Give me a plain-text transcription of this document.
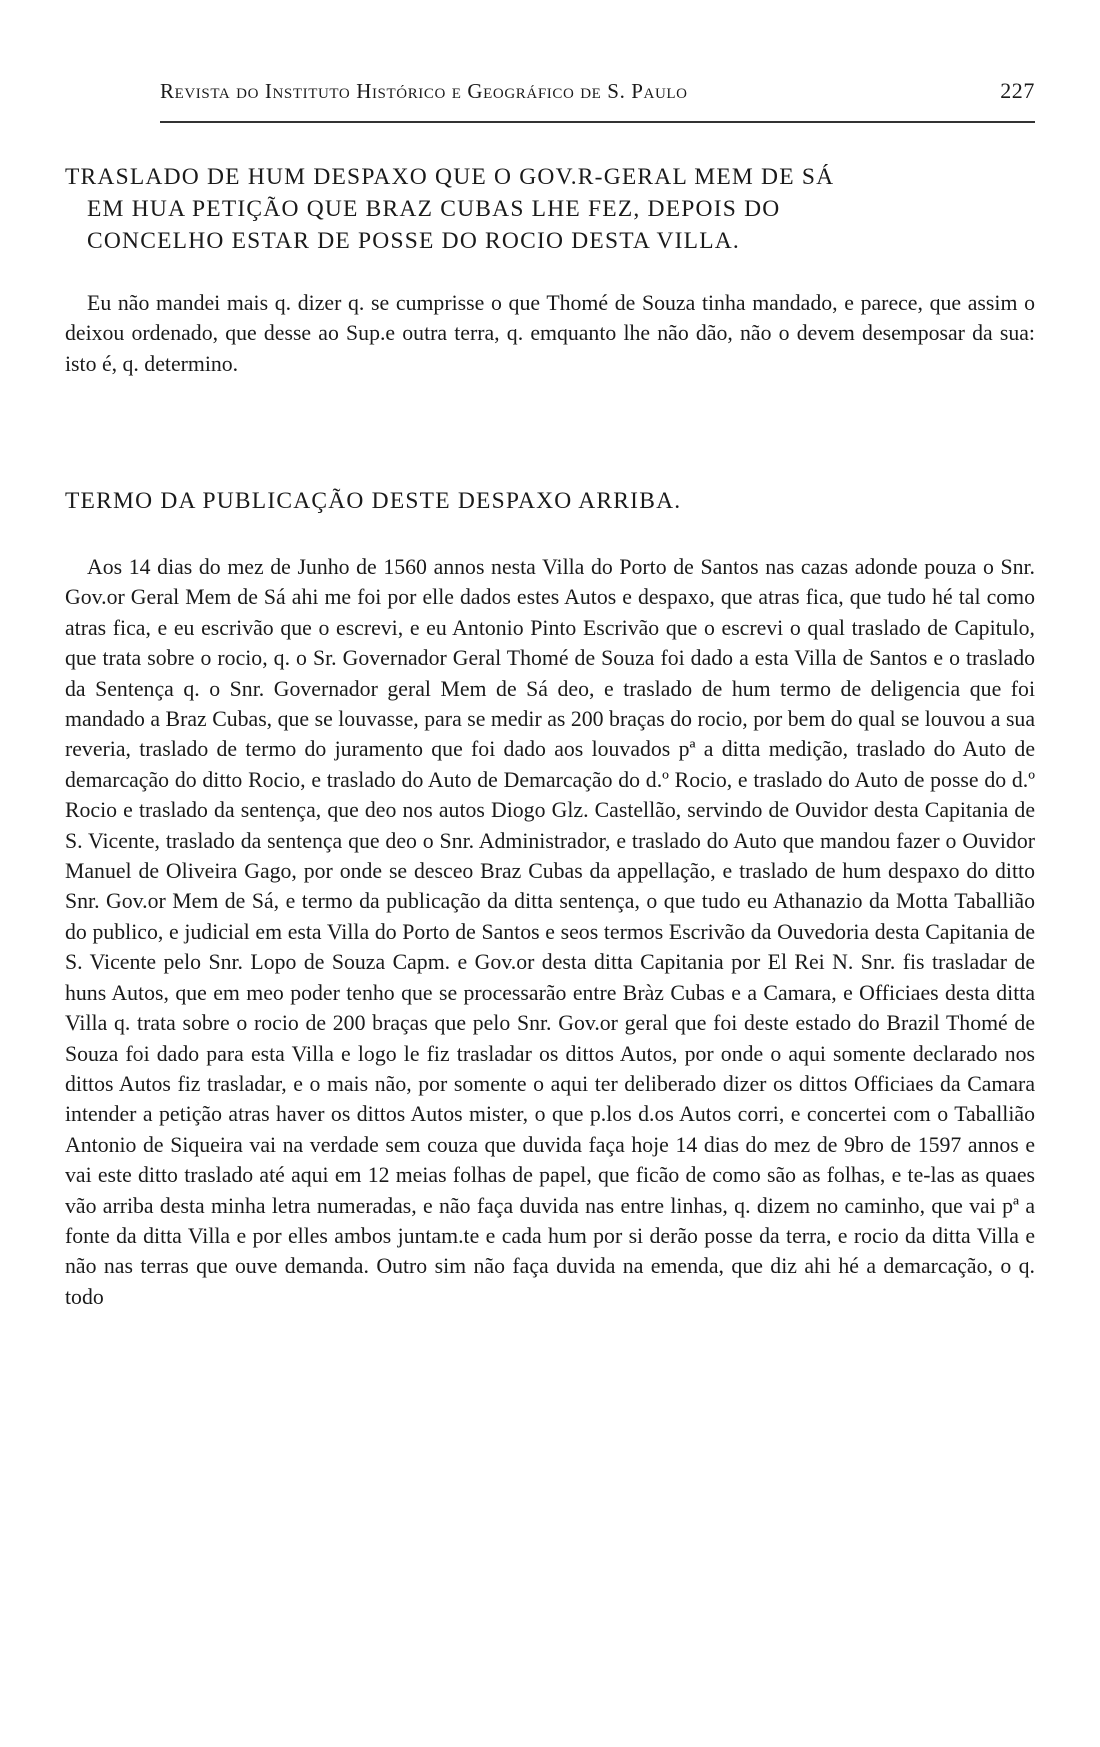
Revista do Instituto Histórico e Geográfico de S. Paulo	227
TRASLADO DE HUM DESPAXO QUE O GOV.R-GERAL MEM DE SÁ
EM HUA PETIÇÃO QUE BRAZ CUBAS LHE FEZ, DEPOIS DO
CONCELHO ESTAR DE POSSE DO ROCIO DESTA VILLA.

Eu não mandei mais q. dizer q. se cumprisse o que Thomé de Souza tinha mandado, e parece, que assim o deixou ordenado, que desse ao Sup.e outra terra, q. emquanto lhe não dão, não o devem desemposar da sua: isto é, q. determino.

TERMO DA PUBLICAÇÃO DESTE DESPAXO ARRIBA.

Aos 14 dias do mez de Junho de 1560 annos nesta Villa do Porto de Santos nas cazas adonde pouza o Snr. Gov.or Geral Mem de Sá ahi me foi por elle dados estes Autos e despaxo, que atras fica, que tudo hé tal como atras fica, e eu escrivão que o escrevi, e eu Antonio Pinto Escrivão que o escrevi o qual traslado de Capitulo, que trata sobre o rocio, q. o Sr. Governador Geral Thomé de Souza foi dado a esta Villa de Santos e o traslado da Sentença q. o Snr. Governador geral Mem de Sá deo, e traslado de hum termo de deligencia que foi mandado a Braz Cubas, que se louvasse, para se medir as 200 braças do rocio, por bem do qual se louvou a sua reveria, traslado de termo do juramento que foi dado aos louvados pª a ditta medição, traslado do Auto de demarcação do ditto Rocio, e traslado do Auto de Demarcação do d.º Rocio, e traslado do Auto de posse do d.º Rocio e traslado da sentença, que deo nos autos Diogo Glz. Castellão, servindo de Ouvidor desta Capitania de S. Vicente, traslado da sentença que deo o Snr. Administrador, e traslado do Auto que mandou fazer o Ouvidor Manuel de Oliveira Gago, por onde se desceo Braz Cubas da appellação, e traslado de hum despaxo do ditto Snr. Gov.or Mem de Sá, e termo da publicação da ditta sentença, o que tudo eu Athanazio da Motta Taballião do publico, e judicial em esta Villa do Porto de Santos e seos termos Escrivão da Ouvedoria desta Capitania de S. Vicente pelo Snr. Lopo de Souza Capm. e Gov.or desta ditta Capitania por El Rei N. Snr. fis trasladar de huns Autos, que em meo poder tenho que se processarão entre Bràz Cubas e a Camara, e Officiaes desta ditta Villa q. trata sobre o rocio de 200 braças que pelo Snr. Gov.or geral que foi deste estado do Brazil Thomé de Souza foi dado para esta Villa e logo le fiz trasladar os dittos Autos, por onde o aqui somente declarado nos dittos Autos fiz trasladar, e o mais não, por somente o aqui ter deliberado dizer os dittos Officiaes da Camara intender a petição atras haver os dittos Autos mister, o que p.los d.os Autos corri, e concertei com o Taballião Antonio de Siqueira vai na verdade sem couza que duvida faça hoje 14 dias do mez de 9bro de 1597 annos e vai este ditto traslado até aqui em 12 meias folhas de papel, que ficão de como são as folhas, e te-las as quaes vão arriba desta minha letra numeradas, e não faça duvida nas entre linhas, q. dizem no caminho, que vai pª a fonte da ditta Villa e por elles ambos juntam.te e cada hum por si derão posse da terra, e rocio da ditta Villa e não nas terras que ouve demanda. Outro sim não faça duvida na emenda, que diz ahi hé a demarcação, o q. todo
